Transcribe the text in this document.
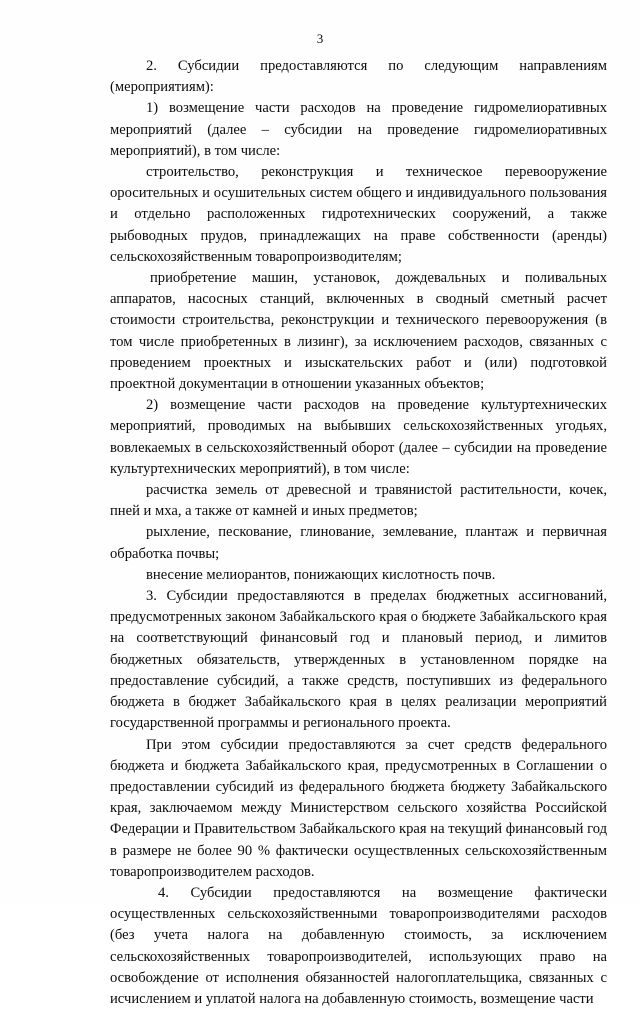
3

2. Субсидии предоставляются по следующим направлениям (мероприятиям):

1) возмещение части расходов на проведение гидромелиоративных мероприятий (далее – субсидии на проведение гидромелиоративных мероприятий), в том числе:

строительство, реконструкция и техническое перевооружение оросительных и осушительных систем общего и индивидуального пользования и отдельно расположенных гидротехнических сооружений, а также рыбоводных прудов, принадлежащих на праве собственности (аренды) сельскохозяйственным товаропроизводителям;

приобретение машин, установок, дождевальных и поливальных аппаратов, насосных станций, включенных в сводный сметный расчет стоимости строительства, реконструкции и технического перевооружения (в том числе приобретенных в лизинг), за исключением расходов, связанных с проведением проектных и изыскательских работ и (или) подготовкой проектной документации в отношении указанных объектов;

2) возмещение части расходов на проведение культуртехнических мероприятий, проводимых на выбывших сельскохозяйственных угодьях, вовлекаемых в сельскохозяйственный оборот (далее – субсидии на проведение культуртехнических мероприятий), в том числе:

расчистка земель от древесной и травянистой растительности, кочек, пней и мха, а также от камней и иных предметов;

рыхление, пескование, глинование, землевание, плантаж и первичная обработка почвы;

внесение мелиорантов, понижающих кислотность почв.

3. Субсидии предоставляются в пределах бюджетных ассигнований, предусмотренных законом Забайкальского края о бюджете Забайкальского края на соответствующий финансовый год и плановый период, и лимитов бюджетных обязательств, утвержденных в установленном порядке на предоставление субсидий, а также средств, поступивших из федерального бюджета в бюджет Забайкальского края в целях реализации мероприятий государственной программы и регионального проекта.

При этом субсидии предоставляются за счет средств федерального бюджета и бюджета Забайкальского края, предусмотренных в Соглашении о предоставлении субсидий из федерального бюджета бюджету Забайкальского края, заключаемом между Министерством сельского хозяйства Российской Федерации и Правительством Забайкальского края на текущий финансовый год в размере не более 90 % фактически осуществленных сельскохозяйственным товаропроизводителем расходов.

4. Субсидии предоставляются на возмещение фактически осуществленных сельскохозяйственными товаропроизводителями расходов (без учета налога на добавленную стоимость, за исключением сельскохозяйственных товаропроизводителей, использующих право на освобождение от исполнения обязанностей налогоплательщика, связанных с исчислением и уплатой налога на добавленную стоимость, возмещение части
